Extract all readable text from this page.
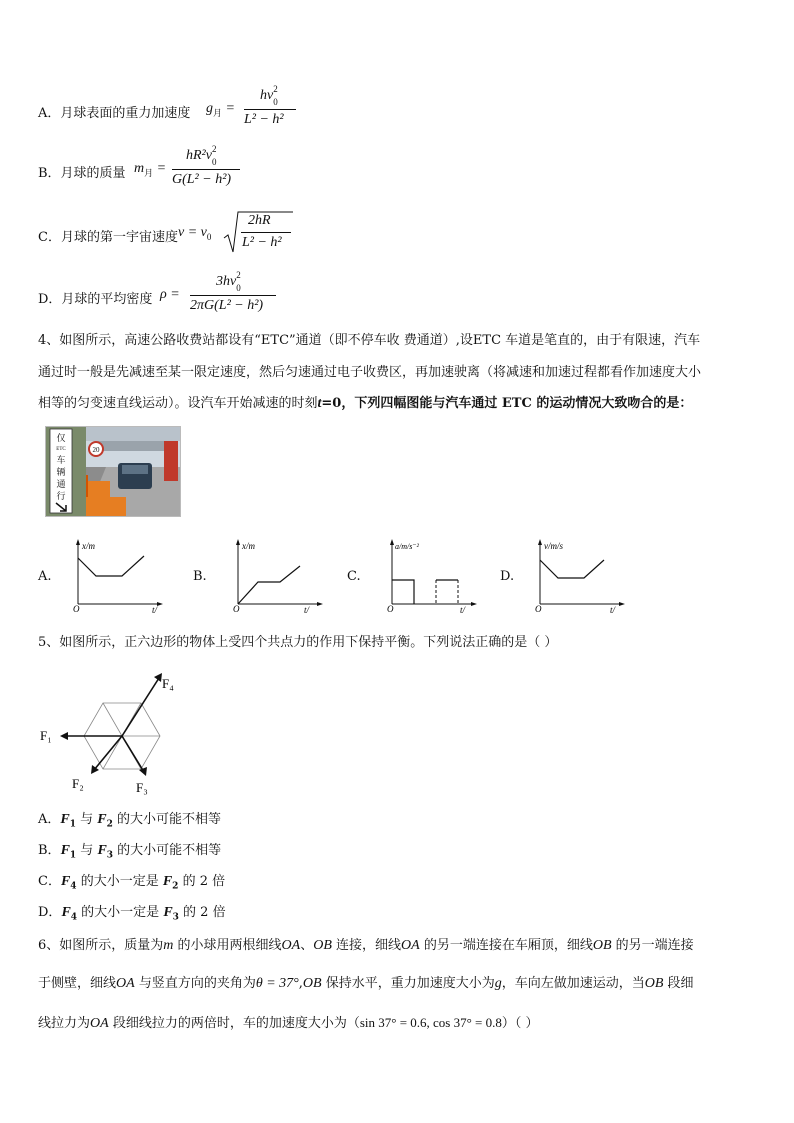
A．月球表面的重力加速度 $g_月$ =
hv 2
0
L² − h²
B．月球的质量 $m_月$ =
hR²v 2
0
G(L² − h²)
C．月球的第一宇宙速度 $v = v_0$
2hR
L² − h²
D．月球的平均密度 ρ =
3hv 2
0
2πG(L² − h²)
4、如图所示，高速公路收费站都设有“ETC”通道（即不停车收 费通道）,设ETC 车道是笔直的，由于有限速，汽车
通过时一般是先减速至某一限定速度，然后匀速通过电子收费区，再加速驶离（将减速和加速过程都看作加速度大小
相等的匀变速直线运动）。设汽车开始减速的时刻t=0，下列四幅图能与汽车通过 ETC 的运动情况大致吻合的是：
20
仅
ETC
车
辆
通
行
A.
x/m
O	t/
B.
x/m
O	t/
C.
a/m/s⁻²
O	t/
D.
v/m/s
O	t/
5、如图所示，正六边形的物体上受四个共点力的作用下保持平衡。下列说法正确的是（ ）
F₁
F₂	F₃
F₄
A．$F_1$ 与 $F_2$ 的大小可能不相等
B．$F_1$ 与 $F_3$ 的大小可能不相等
C．$F_4$ 的大小一定是 $F_2$ 的 2 倍
D．$F_4$ 的大小一定是 $F_3$ 的 2 倍
6、如图所示，质量为m 的小球用两根细线OA、OB 连接，细线OA 的另一端连接在车厢顶，细线OB 的另一端连接
于侧壁，细线OA 与竖直方向的夹角为θ = 37°,OB 保持水平，重力加速度大小为g，车向左做加速运动，当OB 段细
线拉力为OA 段细线拉力的两倍时，车的加速度大小为（sin 37° = 0.6, cos 37° = 0.8）（ ）
